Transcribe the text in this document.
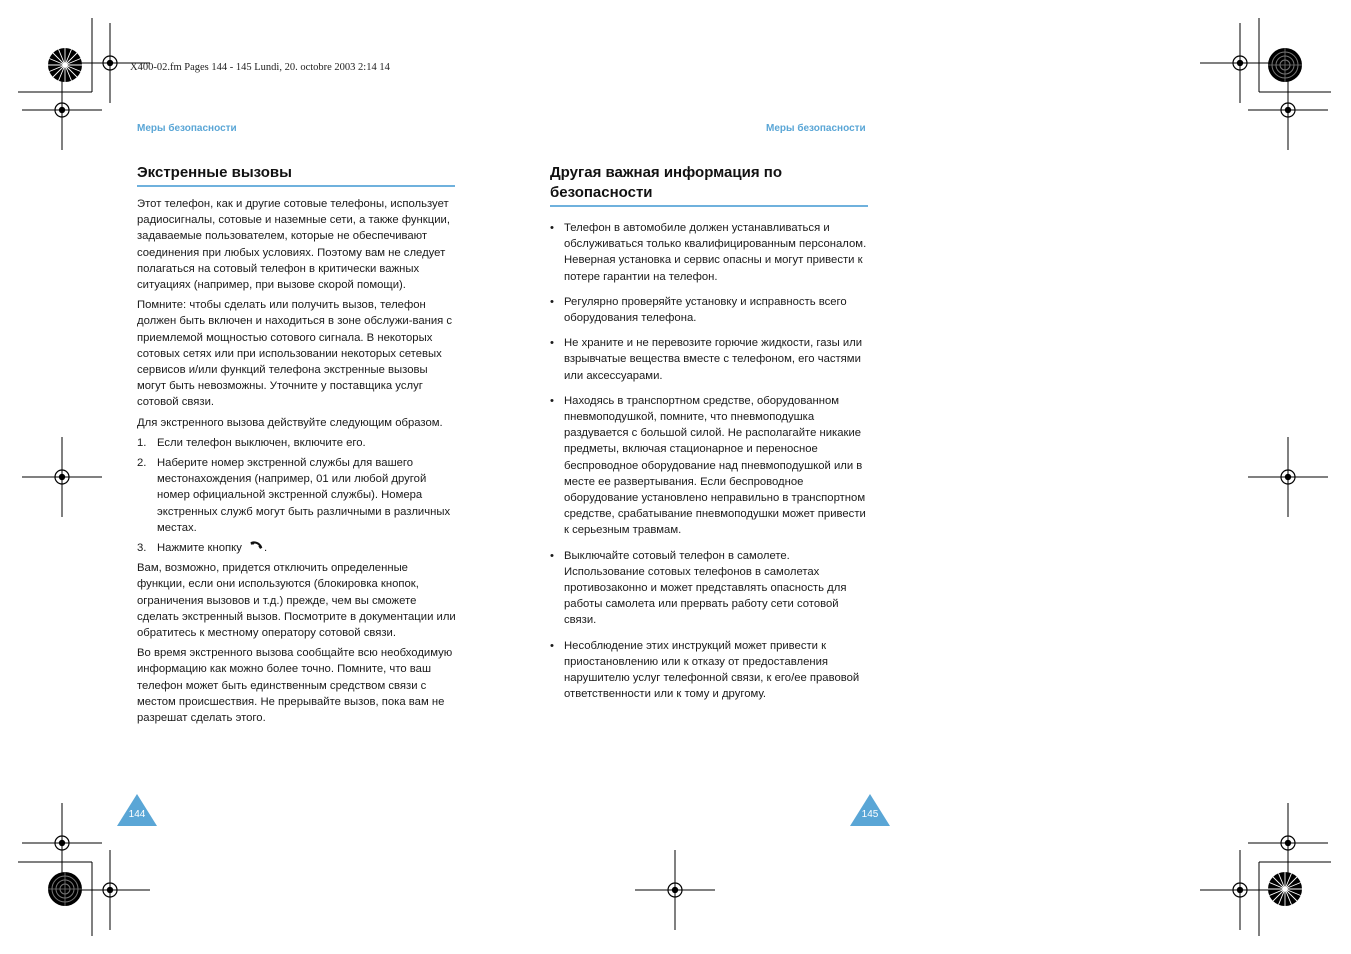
X400-02.fm Pages 144 - 145 Lundi, 20. octobre 2003 2:14 14
Меры безопасности
Экстренные вызовы

Этот телефон, как и другие сотовые телефоны, использует радиосигналы, сотовые и наземные сети, а также функции, задаваемые пользователем, которые не обеспечивают соединения при любых условиях. Поэтому вам не следует полагаться на сотовый телефон в критически важных ситуациях (например, при вызове скорой помощи).

Помните: чтобы сделать или получить вызов, телефон должен быть включен и находиться в зоне обслужи-вания с приемлемой мощностью сотового сигнала. В некоторых сотовых сетях или при использовании некоторых сетевых сервисов и/или функций телефона экстренные вызовы могут быть невозможны. Уточните у поставщика услуг сотовой связи.

Для экстренного вызова действуйте следующим образом.

1. Если телефон выключен, включите его.
2. Наберите номер экстренной службы для вашего местонахождения (например, 01 или любой другой номер официальной экстренной службы). Номера экстренных служб могут быть различными в различных местах.
3. Нажмите кнопку .

Вам, возможно, придется отключить определенные функции, если они используются (блокировка кнопок, ограничения вызовов и т.д.) прежде, чем вы сможете сделать экстренный вызов. Посмотрите в документации или обратитесь к местному оператору сотовой связи.

Во время экстренного вызова сообщайте всю необходимую информацию как можно более точно. Помните, что ваш телефон может быть единственным средством связи с местом происшествия. Не прерывайте вызов, пока вам не разрешат сделать этого.

144
Меры безопасности
Другая важная информация по безопасности
• Телефон в автомобиле должен устанавливаться и обслуживаться только квалифицированным персоналом. Неверная установка и сервис опасны и могут привести к потере гарантии на телефон.
• Регулярно проверяйте установку и исправность всего оборудования телефона.
• Не храните и не перевозите горючие жидкости, газы или взрывчатые вещества вместе с телефоном, его частями или аксессуарами.
• Находясь в транспортном средстве, оборудованном пневмоподушкой, помните, что пневмоподушка раздувается с большой силой. Не располагайте никакие предметы, включая стационарное и переносное беспроводное оборудование над пневмоподушкой или в месте ее развертывания. Если беспроводное оборудование установлено неправильно в транспортном средстве, срабатывание пневмоподушки может привести к серьезным травмам.
• Выключайте сотовый телефон в самолете. Использование сотовых телефонов в самолетах противозаконно и может представлять опасность для работы самолета или прервать работу сети сотовой связи.
• Несоблюдение этих инструкций может привести к приостановлению или к отказу от предоставления нарушителю услуг телефонной связи, к его/ее правовой ответственности или к тому и другому.
145
